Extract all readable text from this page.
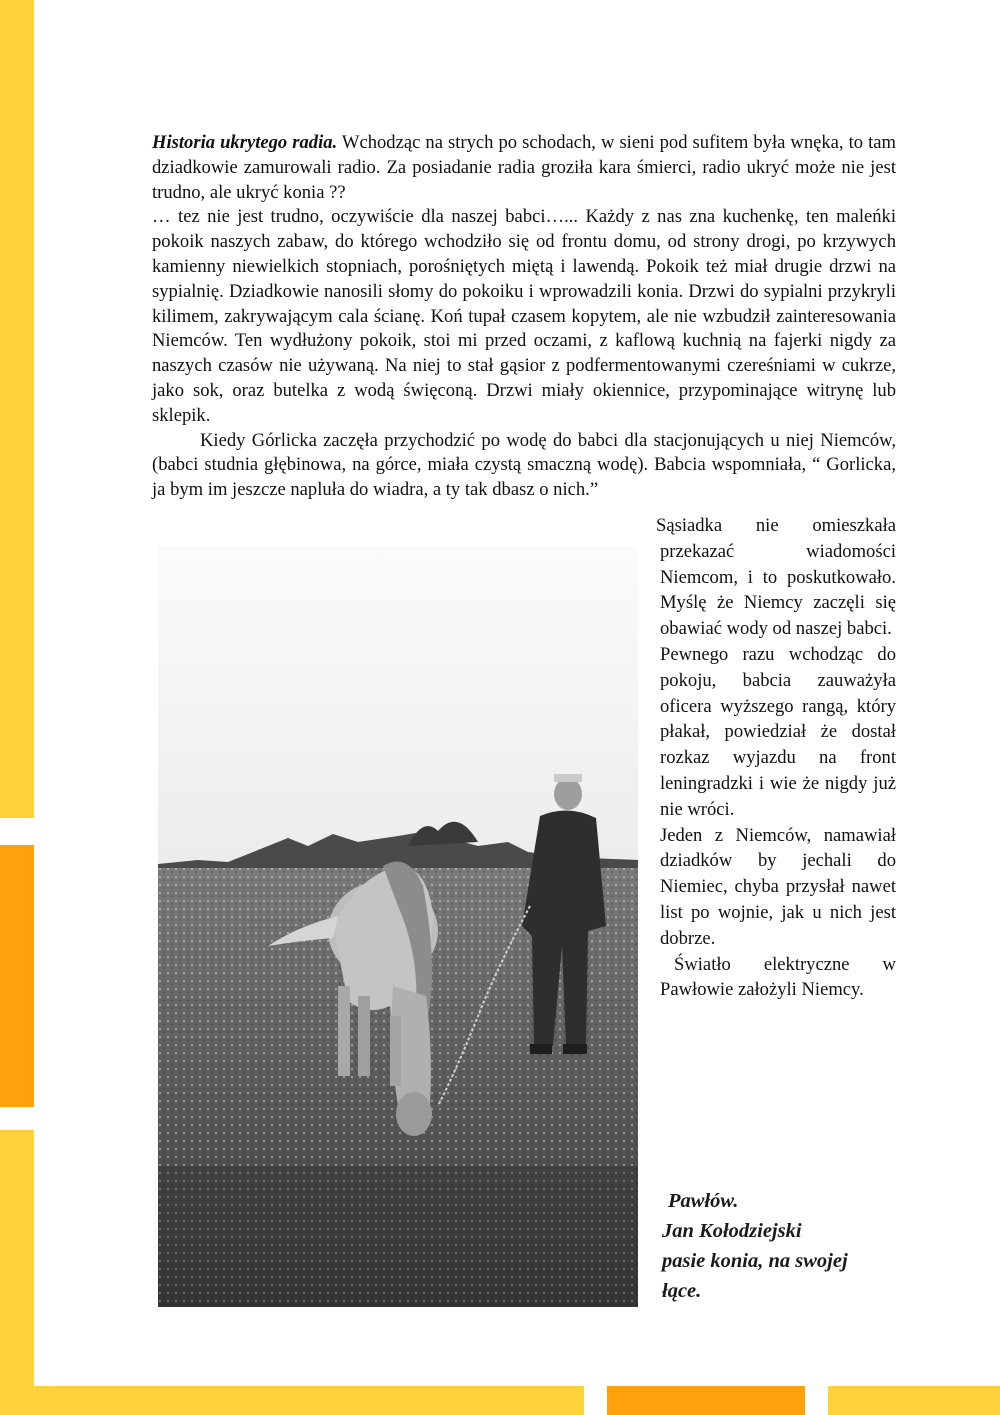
Historia ukrytego radia. Wchodząc na strych po schodach, w sieni pod sufitem była wnęka, to tam dziadkowie zamurowali radio. Za posiadanie radia groziła kara śmierci, radio ukryć może nie jest trudno, ale ukryć konia ??

… tez nie jest trudno, oczywiście dla naszej babci…... Każdy z nas zna kuchenkę, ten maleńki pokoik naszych zabaw, do którego wchodziło się od frontu domu, od strony drogi, po krzywych kamienny niewielkich stopniach, porośniętych miętą i lawendą. Pokoik też miał drugie drzwi na sypialnię. Dziadkowie nanosili słomy do pokoiku i wprowadzili konia. Drzwi do sypialni przykryli kilimem, zakrywającym cala ścianę. Koń tupał czasem kopytem, ale nie wzbudził zainteresowania Niemców. Ten wydłużony pokoik, stoi mi przed oczami, z kaflową kuchnią na fajerki nigdy za naszych czasów nie używaną. Na niej to stał gąsior z podfermentowanymi czereśniami w cukrze, jako sok, oraz butelka z wodą święconą. Drzwi miały okiennice, przypominające witrynę lub sklepik.

Kiedy Górlicka zaczęła przychodzić po wodę do babci dla stacjonujących u niej Niemców, (babci studnia głębinowa, na górce, miała czystą smaczną wodę). Babcia wspomniała, “ Gorlicka, ja bym im jeszcze napluła do wiadra, a ty tak dbasz o nich.”

Sąsiadka nie omieszkała przekazać wiadomości Niemcom, i to poskutkowało. Myślę że Niemcy zaczęli się obawiać wody od naszej babci.

Pewnego razu wchodząc do pokoju, babcia zauważyła oficera wyższego rangą, który płakał, powiedział że dostał rozkaz wyjazdu na front leningradzki i wie że nigdy już nie wróci.

Jeden z Niemców, namawiał dziadków by jechali do Niemiec, chyba przysłał nawet list po wojnie, jak u nich jest dobrze.

Światło elektryczne w Pawłowie założyli Niemcy.

Pawłów.
Jan Kołodziejski
pasie konia, na swojej
łące.
